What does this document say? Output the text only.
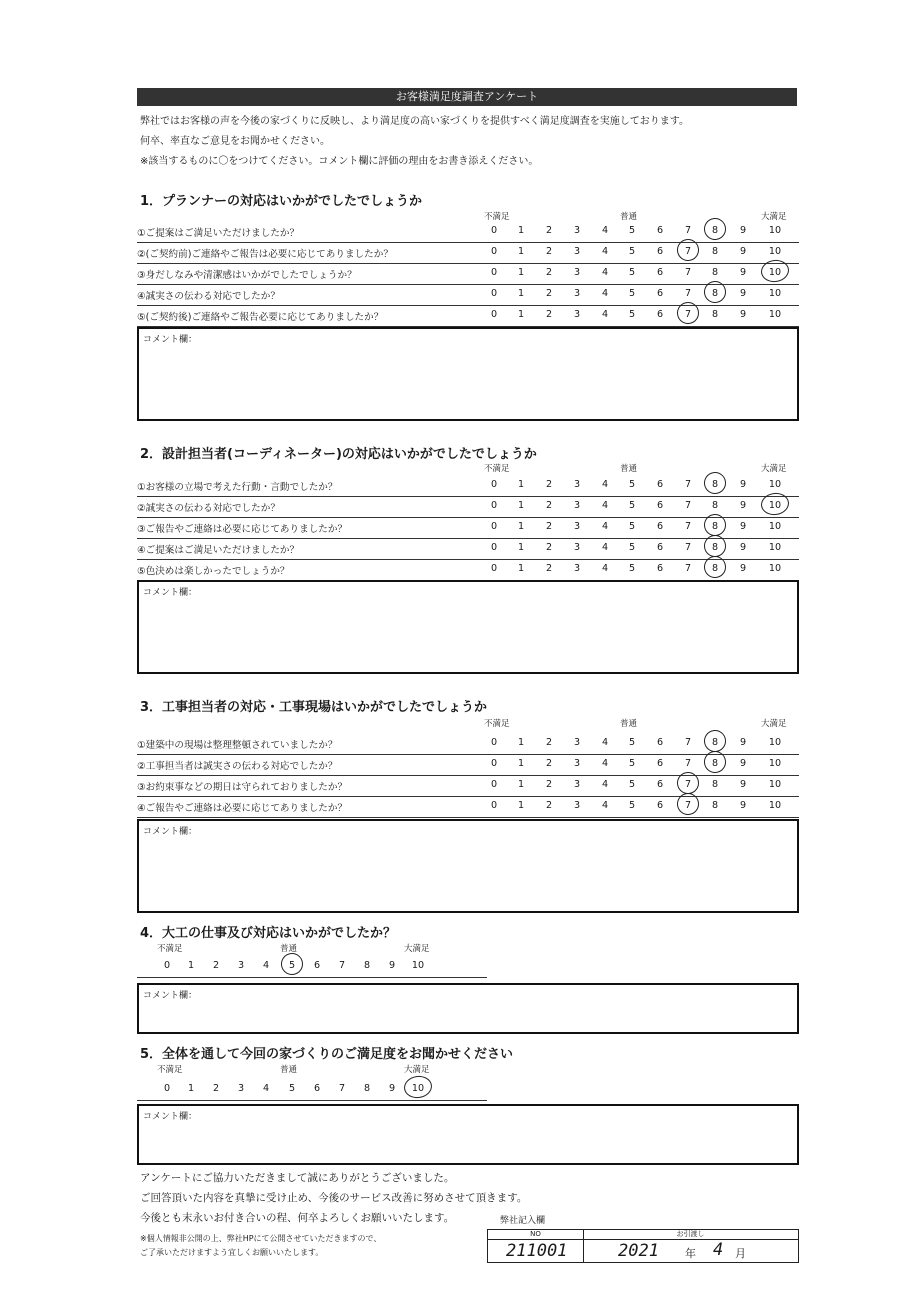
お客様満足度調査アンケート
弊社ではお客様の声を今後の家づくりに反映し、より満足度の高い家づくりを提供すべく満足度調査を実施しております。
何卒、率直なご意見をお聞かせください。
※該当するものに〇をつけてください。コメント欄に評価の理由をお書き添えください。
1．プランナーの対応はいかがでしたでしょうか
不満足	普通	大満足
①ご提案はご満足いただけましたか？	0	1	2	3	4	5	6	7	8	9	10
②(ご契約前)ご連絡やご報告は必要に応じてありましたか？	0	1	2	3	4	5	6	7	8	9	10
③身だしなみや清潔感はいかがでしたでしょうか？	0	1	2	3	4	5	6	7	8	9	10
④誠実さの伝わる対応でしたか？	0	1	2	3	4	5	6	7	8	9	10
⑤(ご契約後)ご連絡やご報告必要に応じてありましたか？	0	1	2	3	4	5	6	7	8	9	10
コメント欄：
2．設計担当者(コーディネーター)の対応はいかがでしたでしょうか
不満足	普通	大満足
①お客様の立場で考えた行動・言動でしたか？	0	1	2	3	4	5	6	7	8	9	10
②誠実さの伝わる対応でしたか？	0	1	2	3	4	5	6	7	8	9	10
③ご報告やご連絡は必要に応じてありましたか？	0	1	2	3	4	5	6	7	8	9	10
④ご提案はご満足いただけましたか？	0	1	2	3	4	5	6	7	8	9	10
⑤色決めは楽しかったでしょうか？	0	1	2	3	4	5	6	7	8	9	10
コメント欄：
3．工事担当者の対応・工事現場はいかがでしたでしょうか
不満足	普通	大満足
①建築中の現場は整理整頓されていましたか？	0	1	2	3	4	5	6	7	8	9	10
②工事担当者は誠実さの伝わる対応でしたか？	0	1	2	3	4	5	6	7	8	9	10
③お約束事などの期日は守られておりましたか？	0	1	2	3	4	5	6	7	8	9	10
④ご報告やご連絡は必要に応じてありましたか？	0	1	2	3	4	5	6	7	8	9	10
コメント欄：
4．大工の仕事及び対応はいかがでしたか？
不満足	普通	大満足
0	1	2	3	4	5	6	7	8	9	10
コメント欄：
5．全体を通して今回の家づくりのご満足度をお聞かせください
不満足	普通	大満足
0	1	2	3	4	5	6	7	8	9	10
コメント欄：
アンケートにご協力いただきまして誠にありがとうございました。
ご回答頂いた内容を真摯に受け止め、今後のサービス改善に努めさせて頂きます。
今後とも末永いお付き合いの程、何卒よろしくお願いいたします。
※個人情報非公開の上、弊社HPにて公開させていただきますので、
ご了承いただけますよう宜しくお願いいたします。
弊社記入欄
NO	お引渡し
211001	2021 年 4 月
